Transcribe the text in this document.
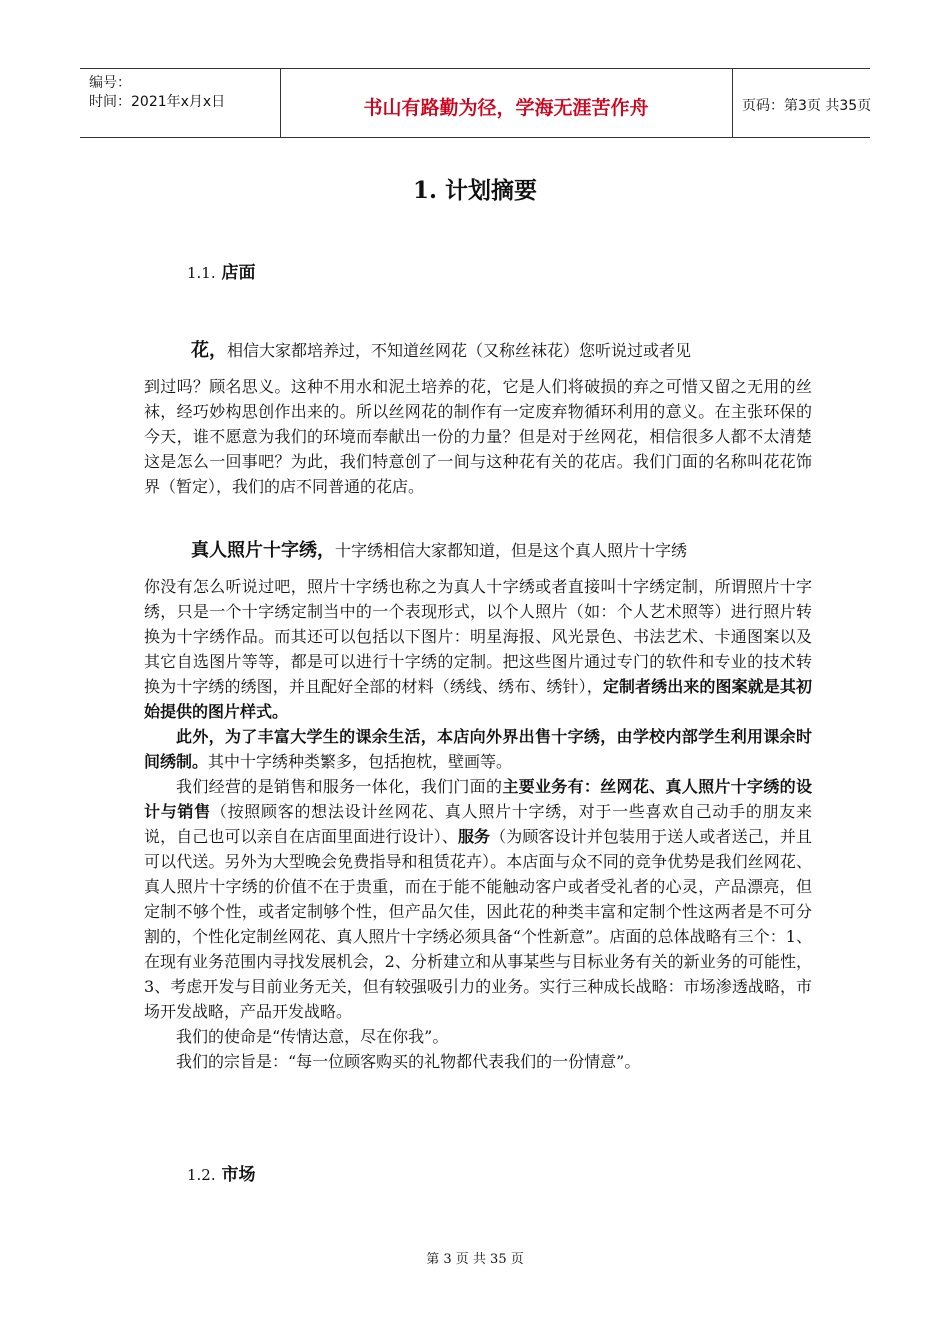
编号：
时间：2021年x月x日	书山有路勤为径，学海无涯苦作舟	页码：第3页 共35页
1. 计划摘要
1.1. 店面
花，相信大家都培养过，不知道丝网花（又称丝袜花）您听说过或者见

到过吗？顾名思义。这种不用水和泥土培养的花，它是人们将破损的弃之可惜又留之无用的丝袜，经巧妙构思创作出来的。所以丝网花的制作有一定废弃物循环利用的意义。在主张环保的今天，谁不愿意为我们的环境而奉献出一份的力量？但是对于丝网花，相信很多人都不太清楚这是怎么一回事吧？为此，我们特意创了一间与这种花有关的花店。我们门面的名称叫花花饰界（暂定），我们的店不同普通的花店。

真人照片十字绣，十字绣相信大家都知道，但是这个真人照片十字绣

你没有怎么听说过吧，照片十字绣也称之为真人十字绣或者直接叫十字绣定制，所谓照片十字绣，只是一个十字绣定制当中的一个表现形式，以个人照片（如：个人艺术照等）进行照片转换为十字绣作品。而其还可以包括以下图片：明星海报、风光景色、书法艺术、卡通图案以及其它自选图片等等，都是可以进行十字绣的定制。把这些图片通过专门的软件和专业的技术转换为十字绣的绣图，并且配好全部的材料（绣线、绣布、绣针），定制者绣出来的图案就是其初始提供的图片样式。

此外，为了丰富大学生的课余生活，本店向外界出售十字绣，由学校内部学生利用课余时间绣制。其中十字绣种类繁多，包括抱枕，壁画等。

我们经营的是销售和服务一体化，我们门面的主要业务有：丝网花、真人照片十字绣的设计与销售（按照顾客的想法设计丝网花、真人照片十字绣，对于一些喜欢自己动手的朋友来说，自己也可以亲自在店面里面进行设计）、服务（为顾客设计并包装用于送人或者送己，并且可以代送。另外为大型晚会免费指导和租赁花卉）。本店面与众不同的竞争优势是我们丝网花、真人照片十字绣的价值不在于贵重，而在于能不能触动客户或者受礼者的心灵，产品漂亮，但定制不够个性，或者定制够个性，但产品欠佳，因此花的种类丰富和定制个性这两者是不可分割的，个性化定制丝网花、真人照片十字绣必须具备“个性新意”。店面的总体战略有三个：1、在现有业务范围内寻找发展机会，2、分析建立和从事某些与目标业务有关的新业务的可能性，3、考虑开发与目前业务无关，但有较强吸引力的业务。实行三种成长战略：市场渗透战略，市场开发战略，产品开发战略。

我们的使命是“传情达意，尽在你我”。

我们的宗旨是：“每一位顾客购买的礼物都代表我们的一份情意”。

1.2. 市场
第 3 页 共 35 页
